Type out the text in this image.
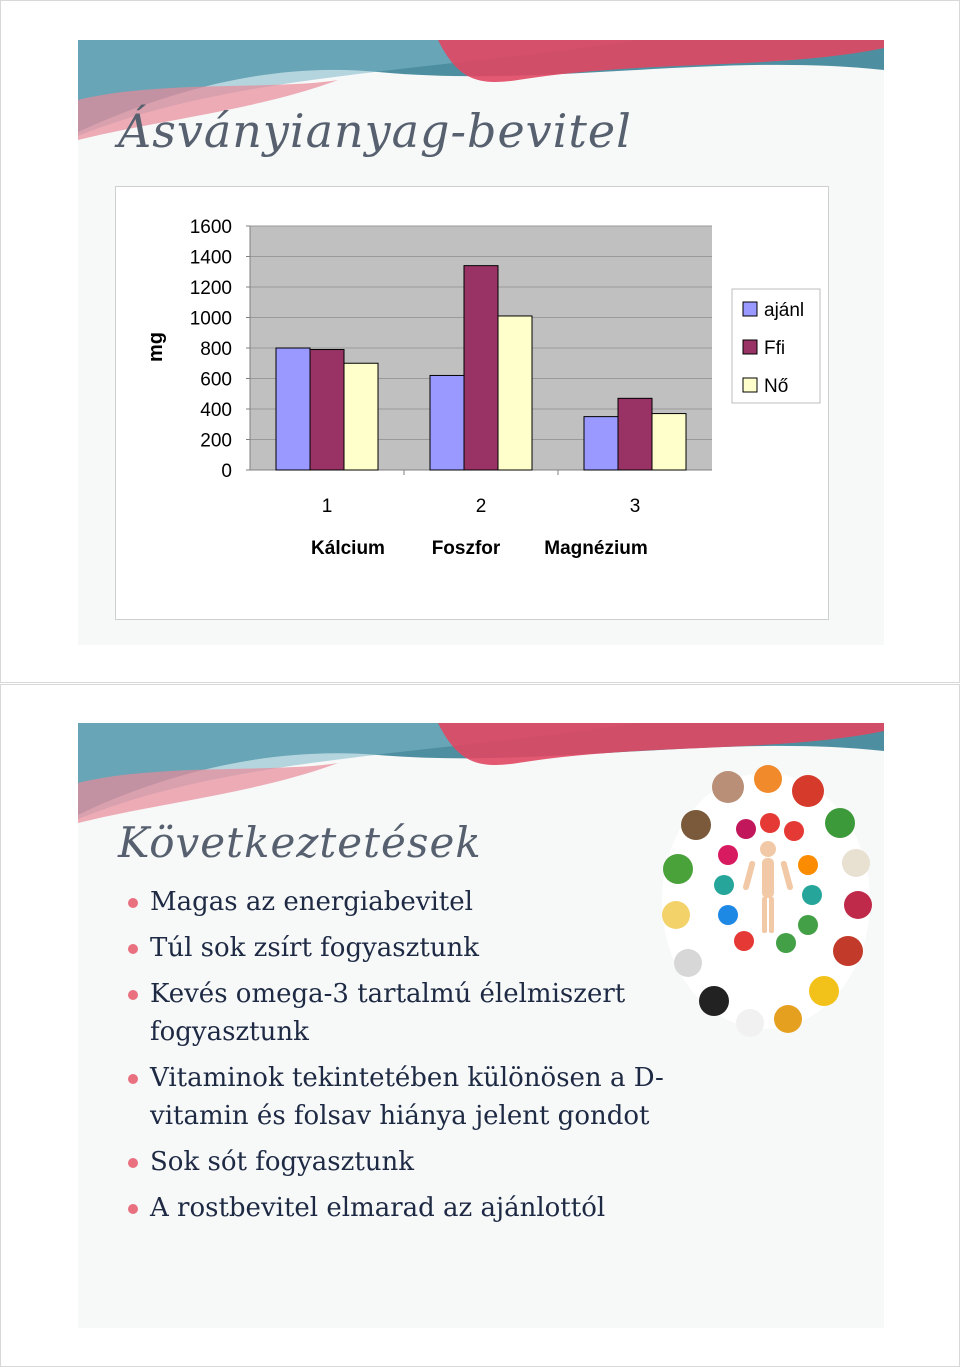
Ásványianyag-bevitel
1600
1400
1200
1000
800
600
400
200
0
1	2	3
Kálcium Foszfor Magnézium
mg
ajánl
Ffi
Nő
Következtetések
Magas az energiabevitel
Túl sok zsírt fogyasztunk
Kevés omega-3 tartalmú élelmiszert fogyasztunk
Vitaminok tekintetében különösen a D-vitamin és folsav hiánya jelent gondot
Sok sót fogyasztunk
A rostbevitel elmarad az ajánlottól
